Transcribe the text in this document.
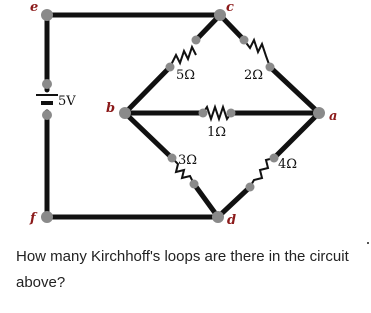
5V
e	c
b
a
f	d
5Ω	2Ω
1Ω
3Ω	4Ω
How many Kirchhoff's loops are there in the circuit above?
